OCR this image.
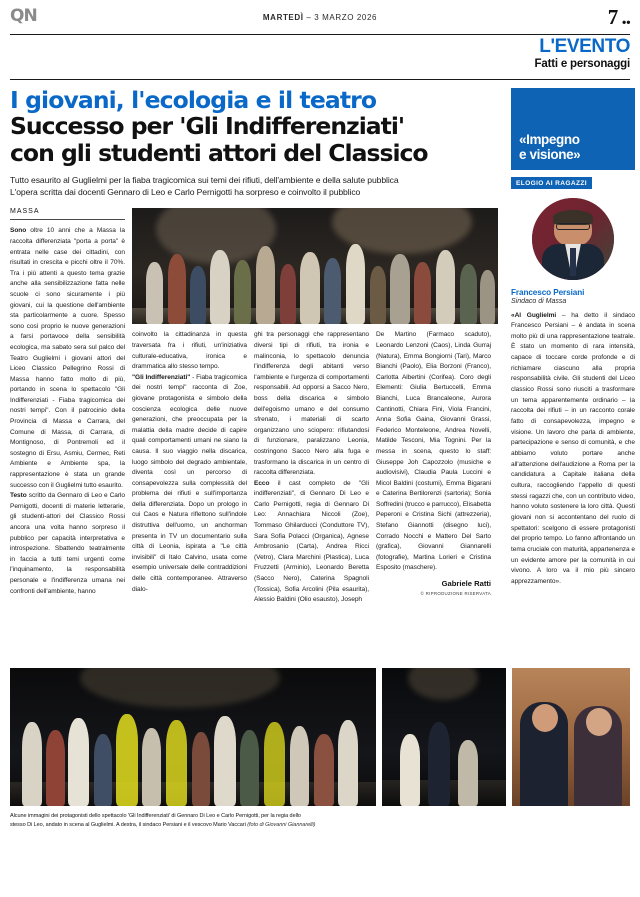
QN	MARTEDÌ – 3 MARZO 2026	7 ..
L'EVENTO
Fatti e personaggi
I giovani, l'ecologia e il teatro
Successo per 'Gli Indifferenziati'
con gli studenti attori del Classico
Tutto esaurito al Guglielmi per la fiaba tragicomica sui temi dei rifiuti, dell'ambiente e della salute pubblica
L'opera scritta dai docenti Gennaro di Leo e Carlo Pernigotti ha sorpreso e coinvolto il pubblico
MASSA

Sono oltre 10 anni che a Massa la raccolta differenziata "porta a porta" è entrata nelle case dei cittadini, con risultati in crescita e picchi oltre il 70%. Tra i più attenti a questo tema grazie anche alla sensibilizzazione fatta nelle scuole ci sono sicuramente i più giovani, cui la questione dell'ambiente sta particolarmente a cuore. Spesso sono così proprio le nuove generazioni a farsi portavoce della sensibilità ecologica, ma sabato sera sul palco del Teatro Guglielmi i giovani attori del Liceo Classico Pellegrino Rossi di Massa hanno fatto molto di più, portando in scena lo spettacolo "Gli Indifferenziati - Fiaba tragicomica dei nostri tempi". Con il patrocinio della Provincia di Massa e Carrara, del Comune di Massa, di Carrara, di Montignoso, di Pontremoli ed il sostegno di Ersu, Asmiu, Cermec, Reti Ambiente e Ambiente spa, la rappresentazione è stata un grande successo con il Guglielmi tutto esaurito.

Testo scritto da Gennaro di Leo e Carlo Pernigotti, docenti di materie letterarie, gli studenti-attori del Classico Rossi ancora una volta hanno sorpreso il pubblico per capacità interpretativa e introspezione. Sbattendo teatralmente in faccia a tutti temi urgenti come l'inquinamento, la responsabilità personale e l'indifferenza umana nei confronti dell'ambiente, hanno

coinvolto la cittadinanza in questa traversata fra i rifiuti, un'iniziativa culturale-educativa, ironica e drammatica allo stesso tempo.

"Gli Indifferenziati" - Fiaba tragicomica dei nostri tempi" racconta di Zoe, giovane protagonista e simbolo della coscienza ecologica delle nuove generazioni, che preoccupata per la malattia della madre decide di capire quali comportamenti umani ne siano la causa. Il suo viaggio nella discarica, luogo simbolo del degrado ambientale, diventa così un percorso di consapevolezza sulla complessità del problema dei rifiuti e sull'importanza della differenziata. Dopo un prologo in cui Caos e Natura riflettono sull'indole distruttiva dell'uomo, un anchorman presenta in TV un documentario sulla città di Leonia, ispirata a "Le città invisibili" di Italo Calvino, usata come esempio universale delle contraddizioni delle città contemporanee. Attraverso dialo-

ghi tra personaggi che rappresentano diversi tipi di rifiuti, tra ironia e malinconia, lo spettacolo denuncia l'indifferenza degli abitanti verso l'ambiente e l'urgenza di comportamenti responsabili. Ad opporsi a Sacco Nero, boss della discarica e simbolo dell'egoismo umano e del consumo sfrenato, i materiali di scarto organizzano uno sciopero: rifiutandosi di funzionare, paralizzano Leonia, costringono Sacco Nero alla fuga e trasformano la discarica in un centro di raccolta differenziata.

Ecco il cast completo de "Gli indifferenziati", di Gennaro Di Leo e Carlo Pernigotti, regia di Gennaro Di Leo: Annachiara Niccoli (Zoe), Tommaso Ghilarducci (Conduttore TV), Sara Sofia Polacci (Organica), Agnese Ambrosanio (Carta), Andrea Ricci (Vetro), Clara Marchini (Plastica), Luca Fruzzetti (Arminio), Leonardo Beretta (Sacco Nero), Caterina Spagnoli (Tossica), Sofia Arcolini (Pila esaurita), Alessio Baldini (Olio esausto), Joseph

De Martino (Farmaco scaduto), Leonardo Lenzoni (Caos), Linda Gurraj (Natura), Emma Bongiorni (Tari), Marco Bianchi (Paolo), Elia Borzoni (Franco), Carlotta Albertini (Corifea). Coro degli Elementi: Giulia Bertuccelli, Emma Bianchi, Luca Brancaleone, Aurora Cantinotti, Chiara Fini, Viola Francini, Anna Sofia Gaina, Giovanni Grassi, Federico Monteleone, Andrea Novelli, Matilde Tesconi, Mia Tognini. Per la messa in scena, questo lo staff: Giuseppe Joh Capozzolo (musiche e audiovisivi), Claudia Paula Luccini e Micol Baldini (costumi), Emma Bigarani e Caterina Bertilorenzi (sartoria); Sonia Soffredini (trucco e parrucco), Elisabetta Peperoni e Cristina Sichi (attrezzeria), Stefano Giannotti (disegno luci), Corrado Nocchi e Mattero Del Sarto (grafica), Giovanni Giannarelli (fotografie), Martina Lorieri e Cristina Esposito (maschere).

Gabriele Ratti
© RIPRODUZIONE RISERVATA
«Impegno
e visione»
ELOGIO AI RAGAZZI
Francesco Persiani
Sindaco di Massa
«Al Guglielmi – ha detto il sindaco Francesco Persiani – è andata in scena molto più di una rappresentazione teatrale. È stato un momento di rara intensità, capace di toccare corde profonde e di richiamare ciascuno alla propria responsabilità civile. Gli studenti del Liceo classico Rossi sono riusciti a trasformare un tema apparentemente ordinario – la raccolta dei rifiuti – in un racconto corale fatto di consapevolezza, impegno e visione. Un lavoro che parla di ambiente, partecipazione e senso di comunità, e che abbiamo voluto portare anche all'attenzione dell'audizione a Roma per la candidatura a Capitale italiana della cultura, raccogliendo l'appello di questi stessi ragazzi che, con un contributo video, hanno voluto sostenere la loro città. Questi giovani non si accontentano del ruolo di spettatori: scelgono di essere protagonisti del proprio tempo. Lo fanno affrontando un tema cruciale con maturità, appartenenza e un evidente amore per la comunità in cui vivono. A loro va il mio più sincero apprezzamento».
Alcune immagini dei protagonisti dello spettacolo 'Gli Indifferenziati' di Gennaro Di Leo e Carlo Pernigotti, per la regia dello
stesso Di Leo, andato in scena al Guglielmi. A destra, il sindaco Persiani e il vescovo Mario Vaccari (foto di Giovanni Giannarelli)
